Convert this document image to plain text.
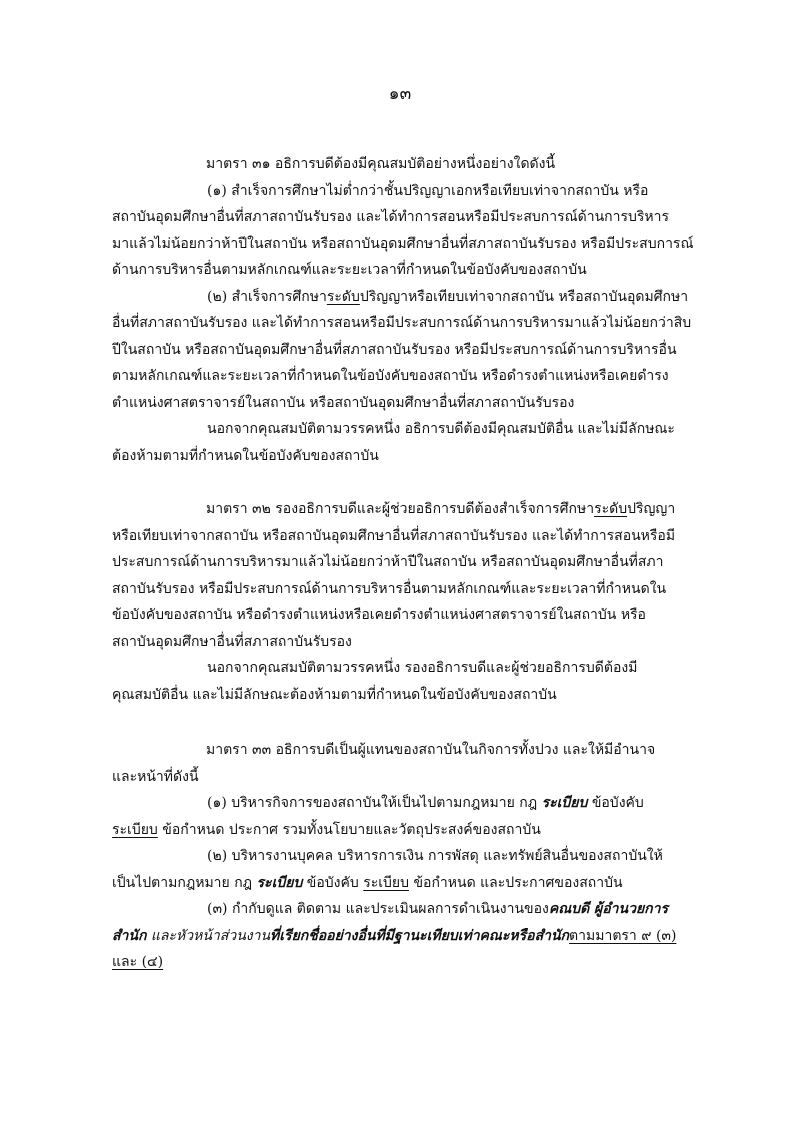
๑๓

มาตรา ๓๑ อธิการบดีต้องมีคุณสมบัติอย่างหนึ่งอย่างใดดังนี้

(๑) สำเร็จการศึกษาไม่ต่ำกว่าชั้นปริญญาเอกหรือเทียบเท่าจากสถาบัน หรือ

สถาบันอุดมศึกษาอื่นที่สภาสถาบันรับรอง และได้ทำการสอนหรือมีประสบการณ์ด้านการบริหาร

มาแล้วไม่น้อยกว่าห้าปีในสถาบัน หรือสถาบันอุดมศึกษาอื่นที่สภาสถาบันรับรอง หรือมีประสบการณ์

ด้านการบริหารอื่นตามหลักเกณฑ์และระยะเวลาที่กำหนดในข้อบังคับของสถาบัน

(๒) สำเร็จการศึกษาระดับปริญญาหรือเทียบเท่าจากสถาบัน หรือสถาบันอุดมศึกษา

อื่นที่สภาสถาบันรับรอง และได้ทำการสอนหรือมีประสบการณ์ด้านการบริหารมาแล้วไม่น้อยกว่าสิบ

ปีในสถาบัน หรือสถาบันอุดมศึกษาอื่นที่สภาสถาบันรับรอง หรือมีประสบการณ์ด้านการบริหารอื่น

ตามหลักเกณฑ์และระยะเวลาที่กำหนดในข้อบังคับของสถาบัน หรือดำรงตำแหน่งหรือเคยดำรง

ตำแหน่งศาสตราจารย์ในสถาบัน หรือสถาบันอุดมศึกษาอื่นที่สภาสถาบันรับรอง

นอกจากคุณสมบัติตามวรรคหนึ่ง อธิการบดีต้องมีคุณสมบัติอื่น และไม่มีลักษณะ

ต้องห้ามตามที่กำหนดในข้อบังคับของสถาบัน

มาตรา ๓๒ รองอธิการบดีและผู้ช่วยอธิการบดีต้องสำเร็จการศึกษาระดับปริญญา

หรือเทียบเท่าจากสถาบัน หรือสถาบันอุดมศึกษาอื่นที่สภาสถาบันรับรอง และได้ทำการสอนหรือมี

ประสบการณ์ด้านการบริหารมาแล้วไม่น้อยกว่าห้าปีในสถาบัน หรือสถาบันอุดมศึกษาอื่นที่สภา

สถาบันรับรอง หรือมีประสบการณ์ด้านการบริหารอื่นตามหลักเกณฑ์และระยะเวลาที่กำหนดใน

ข้อบังคับของสถาบัน หรือดำรงตำแหน่งหรือเคยดำรงตำแหน่งศาสตราจารย์ในสถาบัน หรือ

สถาบันอุดมศึกษาอื่นที่สภาสถาบันรับรอง

นอกจากคุณสมบัติตามวรรคหนึ่ง รองอธิการบดีและผู้ช่วยอธิการบดีต้องมี

คุณสมบัติอื่น และไม่มีลักษณะต้องห้ามตามที่กำหนดในข้อบังคับของสถาบัน

มาตรา ๓๓ อธิการบดีเป็นผู้แทนของสถาบันในกิจการทั้งปวง และให้มีอำนาจ

และหน้าที่ดังนี้

(๑) บริหารกิจการของสถาบันให้เป็นไปตามกฎหมาย กฎ ระเบียบ ข้อบังคับ

ระเบียบ ข้อกำหนด ประกาศ รวมทั้งนโยบายและวัตถุประสงค์ของสถาบัน

(๒) บริหารงานบุคคล บริหารการเงิน การพัสดุ และทรัพย์สินอื่นของสถาบันให้

เป็นไปตามกฎหมาย กฎ ระเบียบ ข้อบังคับ ระเบียบ ข้อกำหนด และประกาศของสถาบัน

(๓) กำกับดูแล ติดตาม และประเมินผลการดำเนินงานของคณบดี ผู้อำนวยการ

สำนัก และหัวหน้าส่วนงานที่เรียกชื่ออย่างอื่นที่มีฐานะเทียบเท่าคณะหรือสำนักตามมาตรา ๙ (๓)

และ (๔)
